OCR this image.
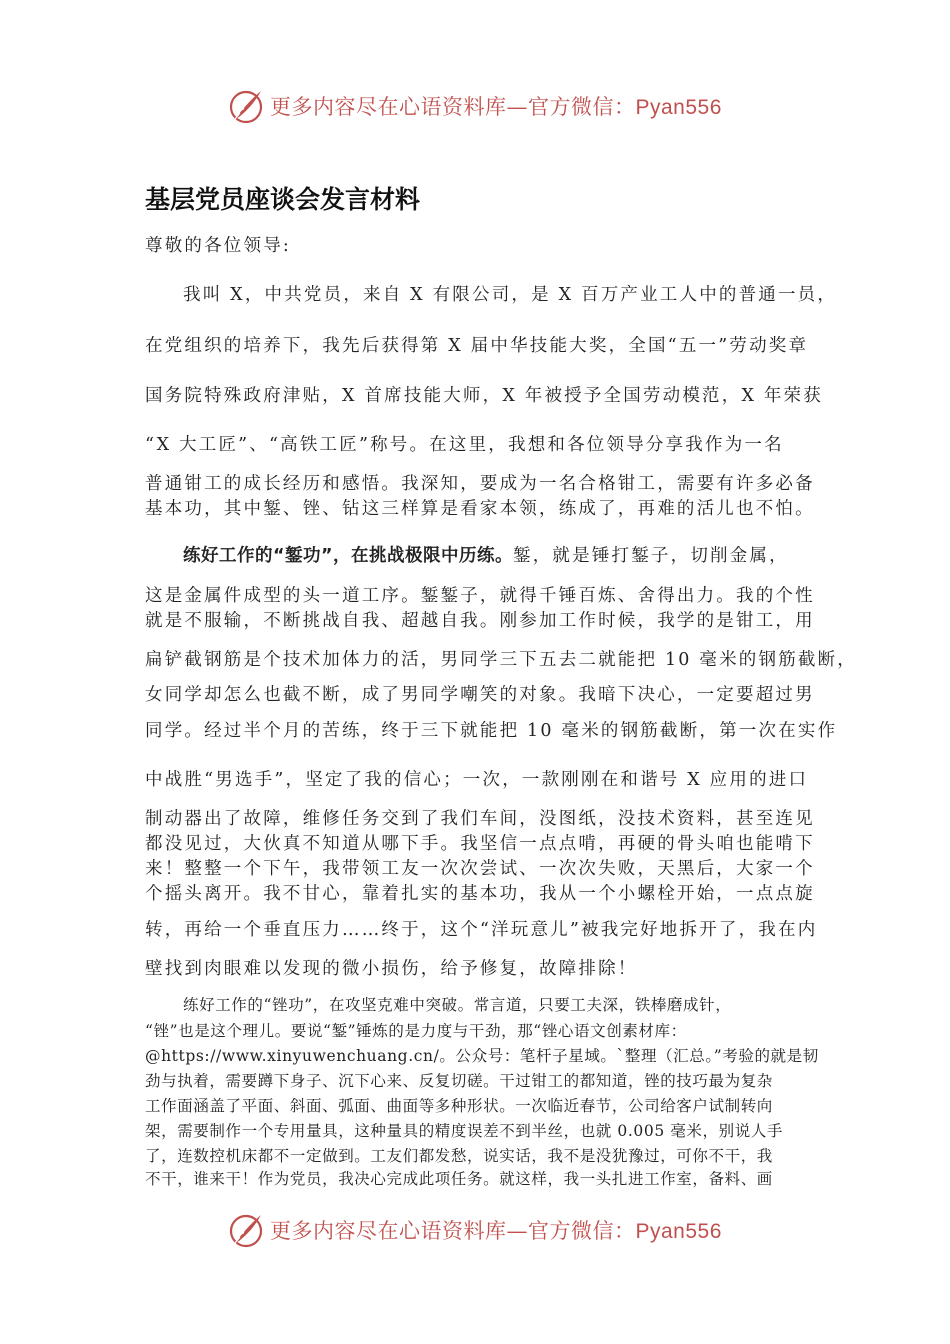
更多内容尽在心语资料库—官方微信：Pyan556
基层党员座谈会发言材料
尊敬的各位领导:
我叫 X，中共党员，来自 X 有限公司，是 X 百万产业工人中的普通一员，
在党组织的培养下，我先后获得第 X 届中华技能大奖，全国“五一”劳动奖章
国务院特殊政府津贴，X 首席技能大师，X 年被授予全国劳动模范，X 年荣获
“X 大工匠”、“高铁工匠”称号。在这里，我想和各位领导分享我作为一名
普通钳工的成长经历和感悟。我深知，要成为一名合格钳工，需要有许多必备
基本功，其中錾、锉、钻这三样算是看家本领，练成了，再难的活儿也不怕。
练好工作的“錾功”，在挑战极限中历练。錾，就是锤打錾子，切削金属，
这是金属件成型的头一道工序。錾錾子，就得千锤百炼、舍得出力。我的个性
就是不服输，不断挑战自我、超越自我。刚参加工作时候，我学的是钳工，用
扁铲截钢筋是个技术加体力的活，男同学三下五去二就能把 10 毫米的钢筋截断，
女同学却怎么也截不断，成了男同学嘲笑的对象。我暗下决心，一定要超过男
同学。经过半个月的苦练，终于三下就能把 10 毫米的钢筋截断，第一次在实作
中战胜“男选手”，坚定了我的信心；一次，一款刚刚在和谐号 X 应用的进口
制动器出了故障，维修任务交到了我们车间，没图纸，没技术资料，甚至连见
都没见过，大伙真不知道从哪下手。我坚信一点点啃，再硬的骨头咱也能啃下
来！整整一个下午，我带领工友一次次尝试、一次次失败，天黑后，大家一个
个摇头离开。我不甘心，靠着扎实的基本功，我从一个小螺栓开始，一点点旋
转，再给一个垂直压力……终于，这个“洋玩意儿”被我完好地拆开了，我在内
壁找到肉眼难以发现的微小损伤，给予修复，故障排除！
练好工作的“锉功”，在攻坚克难中突破。常言道，只要工夫深，铁棒磨成针，
“锉”也是这个理儿。要说“錾”锤炼的是力度与干劲，那“锉心语文创素材库：
@https://www.xinyuwenchuang.cn/。公众号：笔杆子星域。`整理（汇总。”考验的就是韧
劲与执着，需要蹲下身子、沉下心来、反复切磋。干过钳工的都知道，锉的技巧最为复杂
工作面涵盖了平面、斜面、弧面、曲面等多种形状。一次临近春节，公司给客户试制转向
架，需要制作一个专用量具，这种量具的精度误差不到半丝，也就 0.005 毫米，别说人手
了，连数控机床都不一定做到。工友们都发愁，说实话，我不是没犹豫过，可你不干，我
不干，谁来干！作为党员，我决心完成此项任务。就这样，我一头扎进工作室，备料、画
更多内容尽在心语资料库—官方微信：Pyan556
